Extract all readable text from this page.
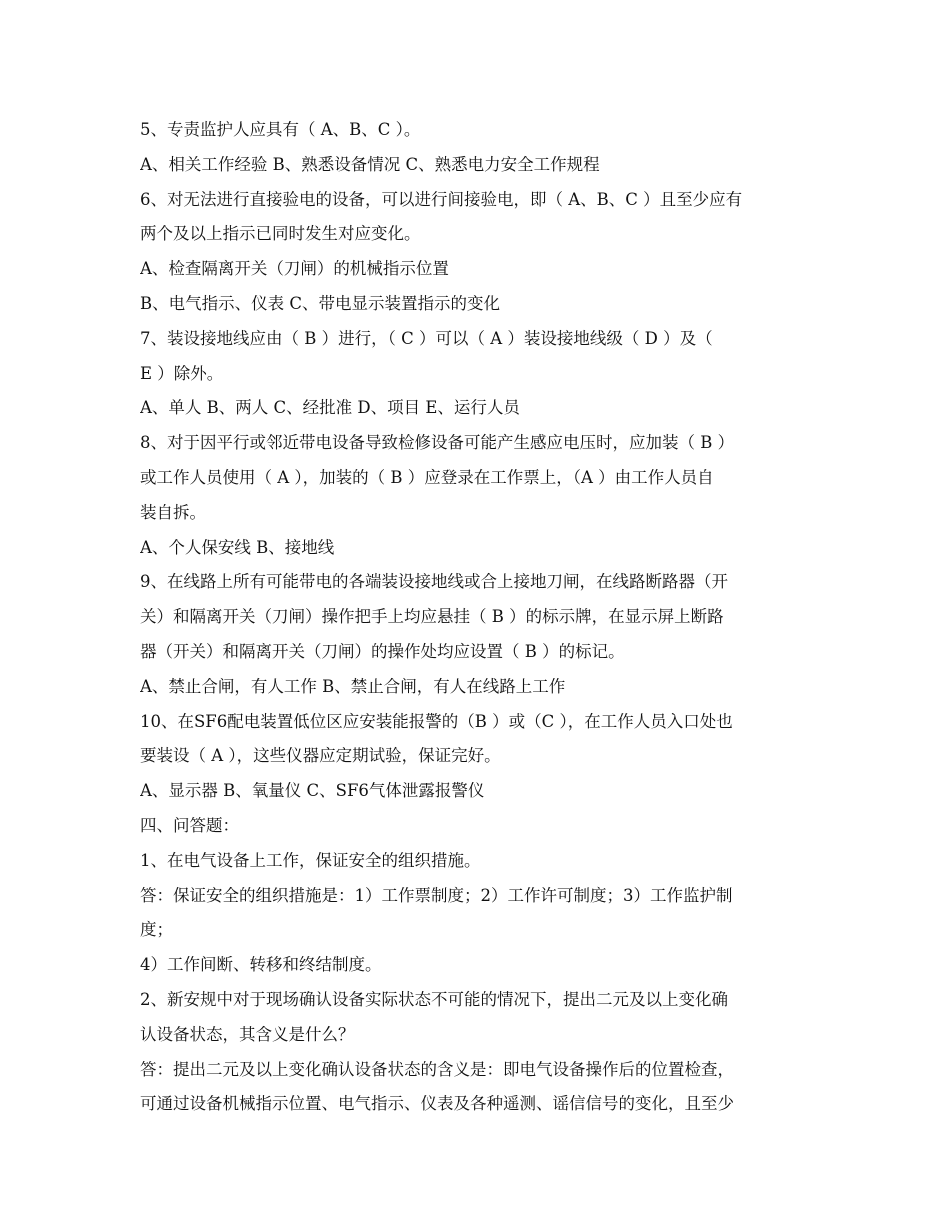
5、专责监护人应具有（ A、B、C ）。
A、相关工作经验 B、熟悉设备情况 C、熟悉电力安全工作规程
6、对无法进行直接验电的设备，可以进行间接验电，即（ A、B、C ）且至少应有
两个及以上指示已同时发生对应变化。
A、检查隔离开关（刀闸）的机械指示位置
B、电气指示、仪表 C、带电显示装置指示的变化
7、装设接地线应由（ B ）进行，（ C ）可以（ A ）装设接地线级（ D ）及（
E ）除外。
A、单人 B、两人 C、经批准 D、项目 E、运行人员
8、对于因平行或邻近带电设备导致检修设备可能产生感应电压时，应加装（ B ）
或工作人员使用（ A ），加装的（ B ）应登录在工作票上，（A ）由工作人员自
装自拆。
A、个人保安线 B、接地线
9、在线路上所有可能带电的各端装设接地线或合上接地刀闸，在线路断路器（开
关）和隔离开关（刀闸）操作把手上均应悬挂（ B ）的标示牌，在显示屏上断路
器（开关）和隔离开关（刀闸）的操作处均应设置（ B ）的标记。
A、禁止合闸，有人工作 B、禁止合闸，有人在线路上工作
10、在SF6配电装置低位区应安装能报警的（B ）或（C ），在工作人员入口处也
要装设（ A ），这些仪器应定期试验，保证完好。
A、显示器 B、氧量仪 C、SF6气体泄露报警仪
四、问答题：
1、在电气设备上工作，保证安全的组织措施。
答：保证安全的组织措施是：1）工作票制度；2）工作许可制度；3）工作监护制
度；
4）工作间断、转移和终结制度。
2、新安规中对于现场确认设备实际状态不可能的情况下，提出二元及以上变化确
认设备状态，其含义是什么？
答：提出二元及以上变化确认设备状态的含义是：即电气设备操作后的位置检查，
可通过设备机械指示位置、电气指示、仪表及各种遥测、谣信信号的变化，且至少
